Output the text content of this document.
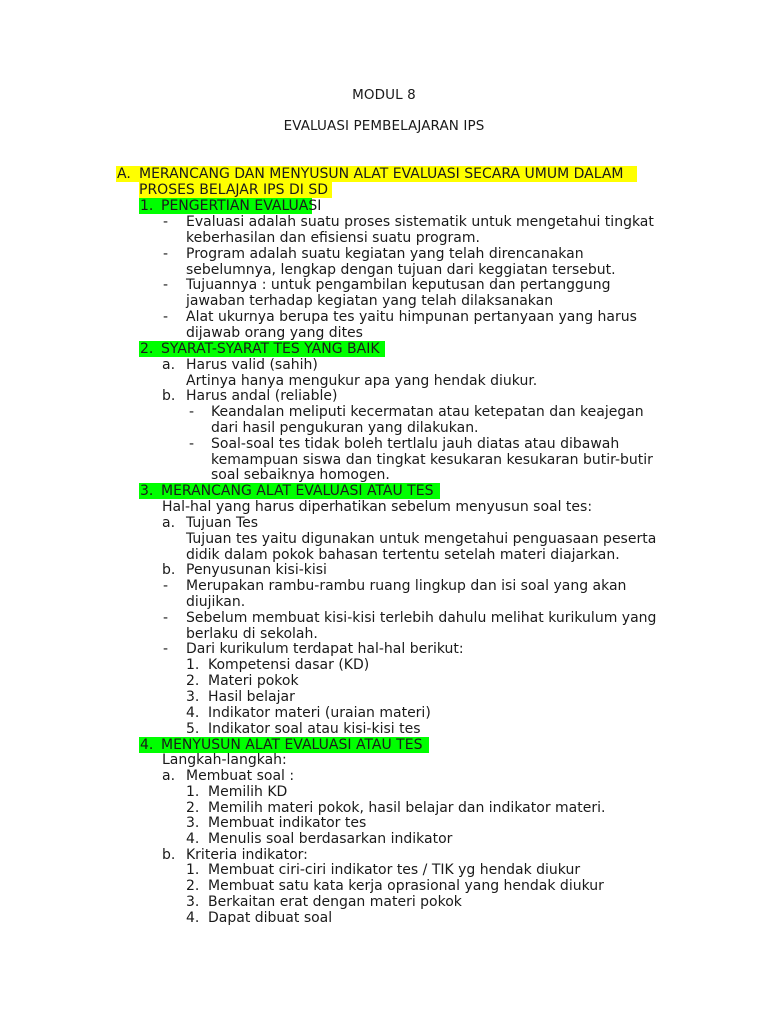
MODUL 8
EVALUASI PEMBELAJARAN IPS
A. MERANCANG DAN MENYUSUN ALAT EVALUASI SECARA UMUM DALAM
PROSES BELAJAR IPS DI SD
1. PENGERTIAN EVALUASI
- Evaluasi adalah suatu proses sistematik untuk mengetahui tingkat
keberhasilan dan efisiensi suatu program.
- Program adalah suatu kegiatan yang telah direncanakan
sebelumnya, lengkap dengan tujuan dari keggiatan tersebut.
- Tujuannya : untuk pengambilan keputusan dan pertanggung
jawaban terhadap kegiatan yang telah dilaksanakan
- Alat ukurnya berupa tes yaitu himpunan pertanyaan yang harus
dijawab orang yang dites
2. SYARAT-SYARAT TES YANG BAIK
a. Harus valid (sahih)
Artinya hanya mengukur apa yang hendak diukur.
b. Harus andal (reliable)
- Keandalan meliputi kecermatan atau ketepatan dan keajegan
dari hasil pengukuran yang dilakukan.
- Soal-soal tes tidak boleh tertlalu jauh diatas atau dibawah
kemampuan siswa dan tingkat kesukaran kesukaran butir-butir
soal sebaiknya homogen.
3. MERANCANG ALAT EVALUASI ATAU TES
Hal-hal yang harus diperhatikan sebelum menyusun soal tes:
a. Tujuan Tes
Tujuan tes yaitu digunakan untuk mengetahui penguasaan peserta
didik dalam pokok bahasan tertentu setelah materi diajarkan.
b. Penyusunan kisi-kisi
- Merupakan rambu-rambu ruang lingkup dan isi soal yang akan
diujikan.
- Sebelum membuat kisi-kisi terlebih dahulu melihat kurikulum yang
berlaku di sekolah.
- Dari kurikulum terdapat hal-hal berikut:
1. Kompetensi dasar (KD)
2. Materi pokok
3. Hasil belajar
4. Indikator materi (uraian materi)
5. Indikator soal atau kisi-kisi tes
4. MENYUSUN ALAT EVALUASI ATAU TES
Langkah-langkah:
a. Membuat soal :
1. Memilih KD
2. Memilih materi pokok, hasil belajar dan indikator materi.
3. Membuat indikator tes
4. Menulis soal berdasarkan indikator
b. Kriteria indikator:
1. Membuat ciri-ciri indikator tes / TIK yg hendak diukur
2. Membuat satu kata kerja oprasional yang hendak diukur
3. Berkaitan erat dengan materi pokok
4. Dapat dibuat soal
